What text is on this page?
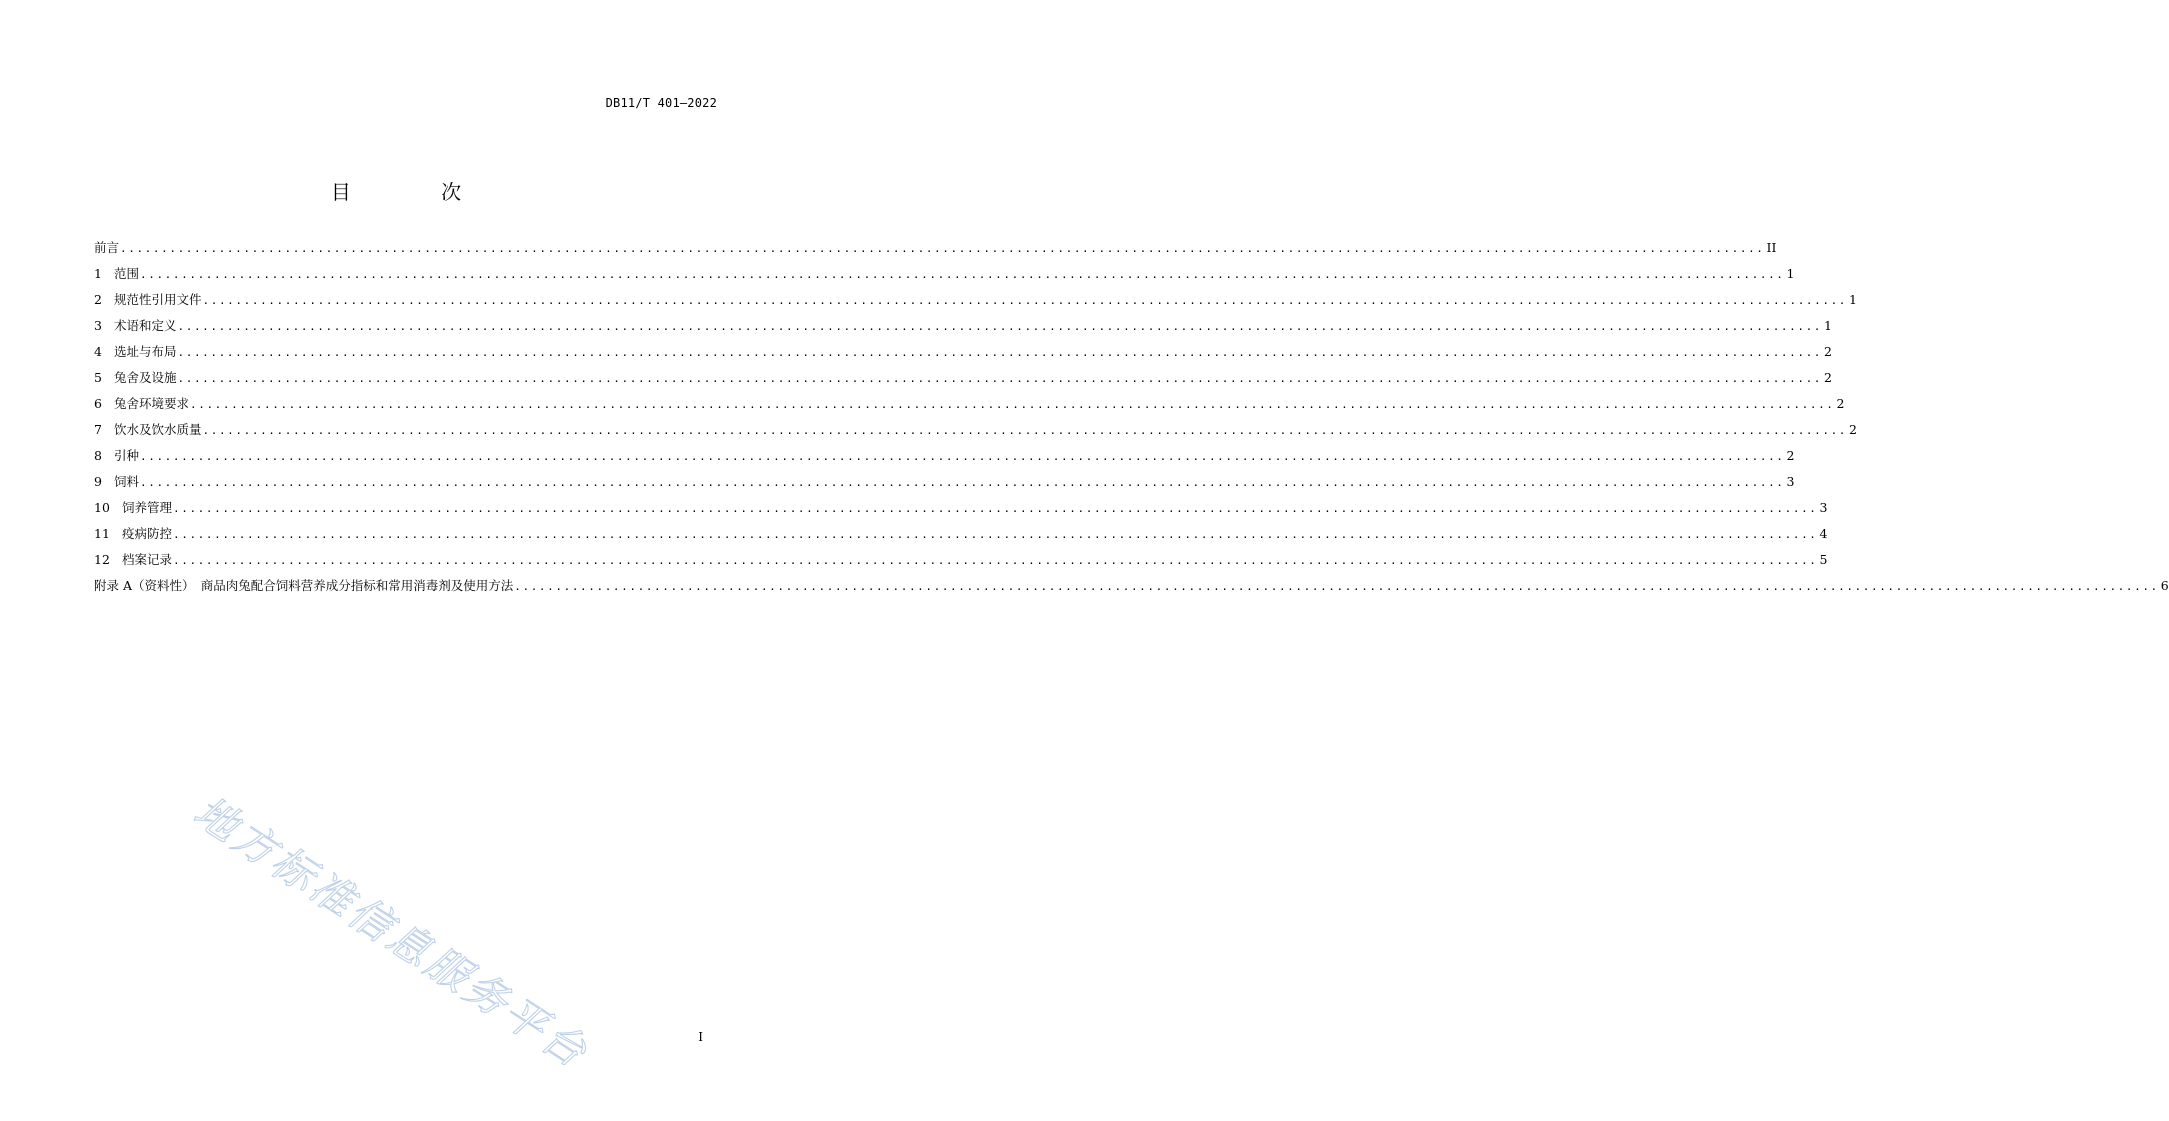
DB11/T 401—2022
目 次
前言 ........................................................................................................................................................................................................ II
1 范围 ........................................................................................................................................................................................................ 1
2 规范性引用文件 ........................................................................................................................................................................................................ 1
3 术语和定义 ........................................................................................................................................................................................................ 1
4 选址与布局 ........................................................................................................................................................................................................ 2
5 兔舍及设施 ........................................................................................................................................................................................................ 2
6 兔舍环境要求 ........................................................................................................................................................................................................ 2
7 饮水及饮水质量 ........................................................................................................................................................................................................ 2
8 引种 ........................................................................................................................................................................................................ 2
9 饲料 ........................................................................................................................................................................................................ 3
10 饲养管理 ........................................................................................................................................................................................................ 3
11 疫病防控 ........................................................................................................................................................................................................ 4
12 档案记录 ........................................................................................................................................................................................................ 5
附录 A（资料性）　商品肉兔配合饲料营养成分指标和常用消毒剂及使用方法 ........................................................................................................................................................................................................ 6
地方标准信息服务平台	I
